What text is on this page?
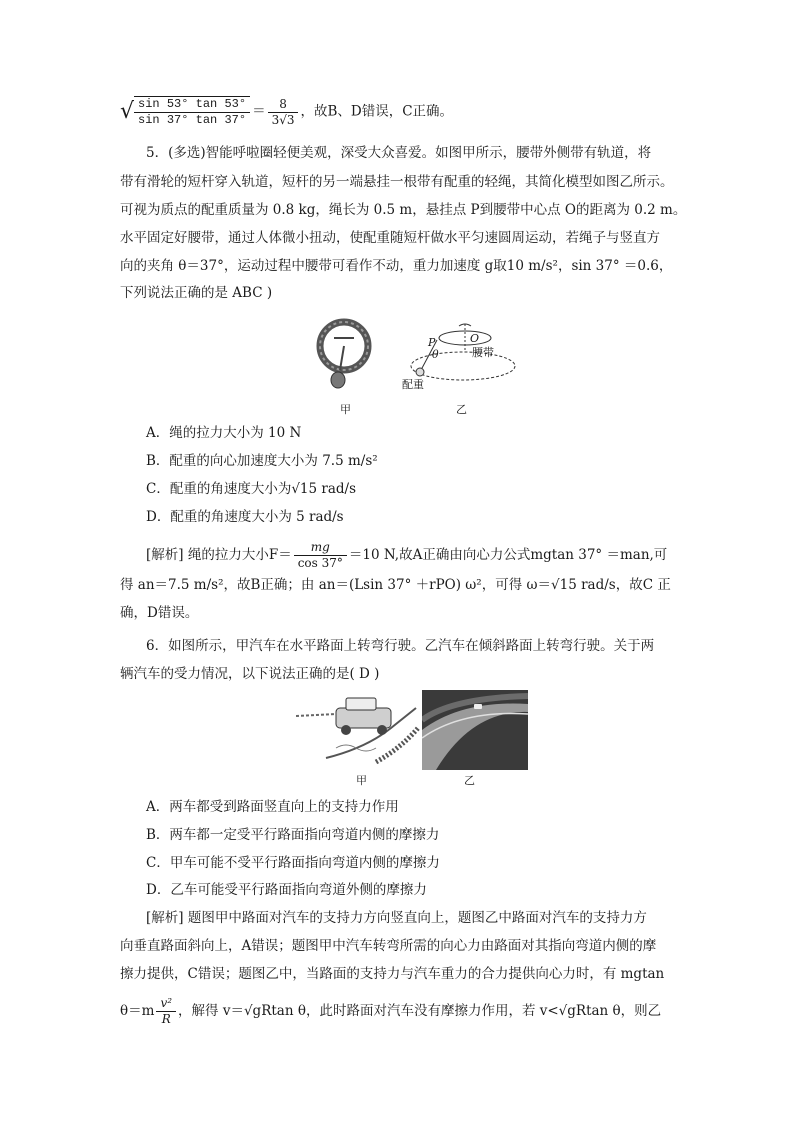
√ $\frac{\sin 53^\circ \tan 53^\circ}{\sin 37^\circ \tan 37^\circ} = \frac{8}{3√3}$ ，故B、D错误，C正确。
5．(多选)智能呼啦圈轻便美观，深受大众喜爱。如图甲所示，腰带外侧带有轨道，将
带有滑轮的短杆穿入轨道，短杆的另一端悬挂一根带有配重的轻绳，其简化模型如图乙所示。
可视为质点的配重质量为 0.8 kg，绳长为 0.5 m，悬挂点 P到腰带中心点 O的距离为 0.2 m。
水平固定好腰带，通过人体微小扭动，使配重随短杆做水平匀速圆周运动，若绳子与竖直方
向的夹角 θ＝37°，运动过程中腰带可看作不动，重力加速度 g取10 m/s²，sin 37° ＝0.6，
下列说法正确的是 ABC )
甲
P	O
θ	腰带
配重
乙
A．绳的拉力大小为 10 N
B．配重的向心加速度大小为 7.5 m/s²
C．配重的角速度大小为√15 rad/s
D．配重的角速度大小为 5 rad/s
[解析] 绳的拉力大小$F= \frac{mg}{\cos 37^\circ} =10$ N,故A正确由向心力公式mgtan 37° ＝man,可
得 an＝7.5 m/s²，故B正确；由 an＝(Lsin 37° ＋rPO) ω²，可得 ω＝√15 rad/s，故C 正
确，D错误。
6．如图所示，甲汽车在水平路面上转弯行驶。乙汽车在倾斜路面上转弯行驶。关于两
辆汽车的受力情况，以下说法正确的是( D )
甲	乙
A．两车都受到路面竖直向上的支持力作用
B．两车都一定受平行路面指向弯道内侧的摩擦力
C．甲车可能不受平行路面指向弯道内侧的摩擦力
D．乙车可能受平行路面指向弯道外侧的摩擦力
[解析] 题图甲中路面对汽车的支持力方向竖直向上，题图乙中路面对汽车的支持力方
向垂直路面斜向上，A错误；题图甲中汽车转弯所需的向心力由路面对其指向弯道内侧的摩
擦力提供，C错误；题图乙中，当路面的支持力与汽车重力的合力提供向心力时，有 mgtan
$\theta=m \frac{\text{v²}}{R}$ ，解得 v＝√gRtan θ，此时路面对汽车没有摩擦力作用，若 v<√gRtan θ，则乙
